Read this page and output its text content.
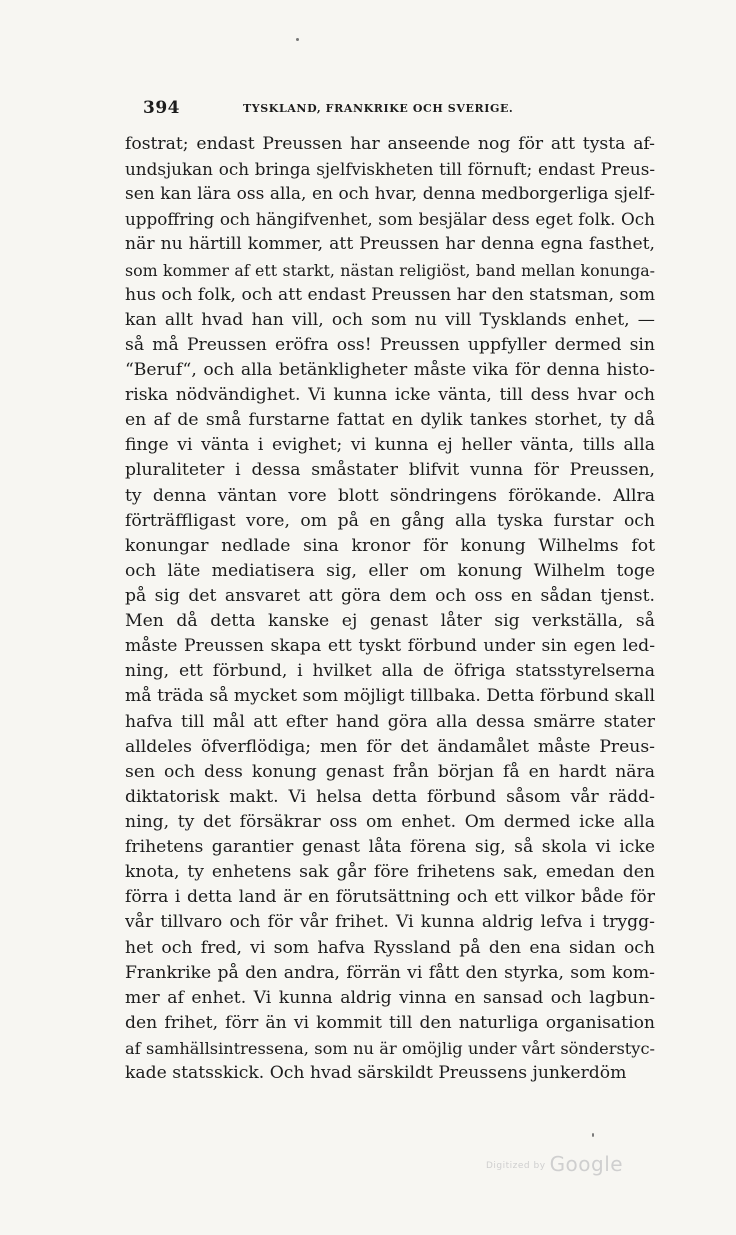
394	TYSKLAND, FRANKRIKE OCH SVERIGE.
fostrat; endast Preussen har anseende nog för att tysta af-
undsjukan och bringa sjelfviskheten till förnuft; endast Preus-
sen kan lära oss alla, en och hvar, denna medborgerliga sjelf-
uppoffring och hängifvenhet, som besjälar dess eget folk. Och
när nu härtill kommer, att Preussen har denna egna fasthet,
som kommer af ett starkt, nästan religiöst, band mellan konunga-
hus och folk, och att endast Preussen har den statsman, som
kan allt hvad han vill, och som nu vill Tysklands enhet, —
så må Preussen eröfra oss! Preussen uppfyller dermed sin
“Beruf“, och alla betänkligheter måste vika för denna histo-
riska nödvändighet. Vi kunna icke vänta, till dess hvar och
en af de små furstarne fattat en dylik tankes storhet, ty då
finge vi vänta i evighet; vi kunna ej heller vänta, tills alla
pluraliteter i dessa småstater blifvit vunna för Preussen,
ty denna väntan vore blott söndringens förökande. Allra
förträffligast vore, om på en gång alla tyska furstar och
konungar nedlade sina kronor för konung Wilhelms fot
och läte mediatisera sig, eller om konung Wilhelm toge
på sig det ansvaret att göra dem och oss en sådan tjenst.
Men då detta kanske ej genast låter sig verkställa, så
måste Preussen skapa ett tyskt förbund under sin egen led-
ning, ett förbund, i hvilket alla de öfriga statsstyrelserna
må träda så mycket som möjligt tillbaka. Detta förbund skall
hafva till mål att efter hand göra alla dessa smärre stater
alldeles öfverflödiga; men för det ändamålet måste Preus-
sen och dess konung genast från början få en hardt nära
diktatorisk makt. Vi helsa detta förbund såsom vår rädd-
ning, ty det försäkrar oss om enhet. Om dermed icke alla
frihetens garantier genast låta förena sig, så skola vi icke
knota, ty enhetens sak går före frihetens sak, emedan den
förra i detta land är en förutsättning och ett vilkor både för
vår tillvaro och för vår frihet. Vi kunna aldrig lefva i trygg-
het och fred, vi som hafva Ryssland på den ena sidan och
Frankrike på den andra, förrän vi fått den styrka, som kom-
mer af enhet. Vi kunna aldrig vinna en sansad och lagbun-
den frihet, förr än vi kommit till den naturliga organisation
af samhällsintressena, som nu är omöjlig under vårt sönderstyc-
kade statsskick. Och hvad särskildt Preussens junkerdöm
Digitized by Google
